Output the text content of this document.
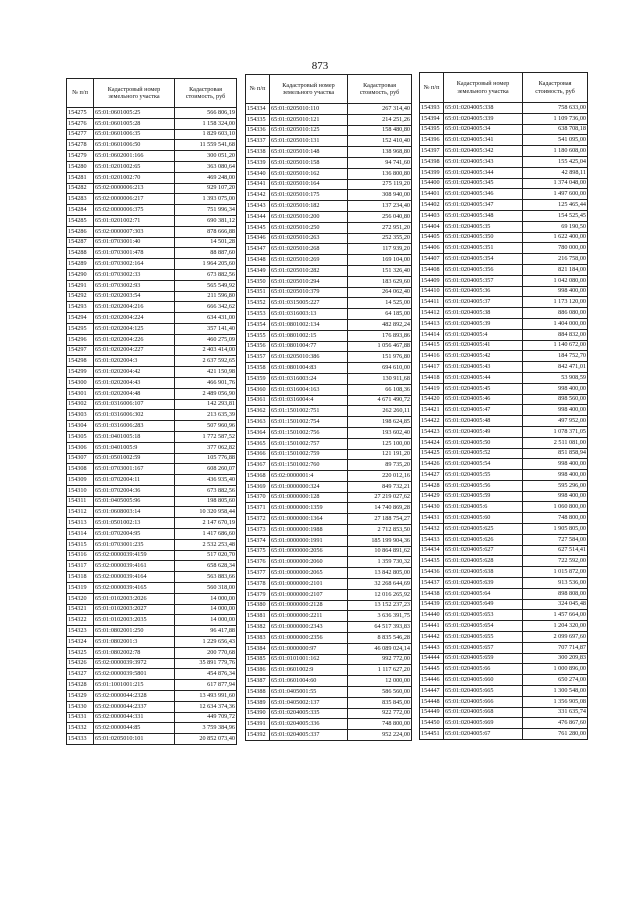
873
№ п/п	Кадастровый номер земельного участка	Кадастровая стоимость, руб
154275	65:01:0601005:25	566 806,19
154276	65:01:0601005:28	1 158 324,00
154277	65:01:0601006:35	1 829 603,10
154278	65:01:0601006:50	11 559 541,68
154279	65:01:0602001:166	300 051,20
154280	65:01:0201002:65	363 080,64
154281	65:01:0201002:70	469 248,00
154282	65:02:0000006:213	929 107,20
154283	65:02:0000006:217	1 393 075,00
154284	65:02:0000006:375	751 996,34
154285	65:01:0201002:71	690 381,12
154286	65:02:0000007:303	878 666,88
154287	65:01:0703001:40	14 501,28
154288	65:01:0703001:478	88 887,60
154289	65:01:0703002:164	1 964 205,60
154290	65:01:0703002:33	673 882,56
154291	65:01:0703002:93	565 549,92
154292	65:01:0202003:54	211 596,80
154293	65:01:0202004:216	666 342,62
154294	65:01:0202004:224	634 431,00
154295	65:01:0202004:125	357 141,40
154296	65:01:0202004:226	460 275,09
154297	65:01:0202004:227	2 403 414,00
154298	65:01:0202004:3	2 637 592,65
154299	65:01:0202004:42	421 150,98
154300	65:01:0202004:43	466 901,76
154301	65:01:0202004:48	2 489 056,90
154302	65:01:0316006:107	142 293,81
154303	65:01:0316006:302	213 635,39
154304	65:01:0316006:283	507 960,96
154305	65:01:0401005:18	1 772 587,52
154306	65:01:0401005:9	377 062,82
154307	65:01:0501002:59	105 776,88
154308	65:01:0703001:167	608 260,07
154309	65:01:0702004:11	436 935,40
154310	65:01:0702004:36	673 882,56
154311	65:01:0405005:96	198 805,60
154312	65:01:0608003:14	10 320 958,44
154313	65:01:0501002:13	2 147 670,19
154314	65:01:0702004:95	1 417 686,60
154315	65:01:0703001:235	2 532 253,48
154316	65:02:0000039:4159	517 020,70
154317	65:02:0000039:4161	658 628,34
154318	65:02:0000039:4164	563 883,66
154319	65:02:0000039:4165	560 318,00
154320	65:01:0102003:2026	14 000,00
154321	65:01:0102003:2027	14 000,00
154322	65:01:0102003:2035	14 000,00
154323	65:01:0802001:250	96 417,88
154324	65:01:0802001:3	1 229 656,43
154325	65:01:0802002:78	200 770,68
154326	65:02:0000039:3972	35 891 779,76
154327	65:02:0000039:5801	454 876,34
154328	65:01:1001001:215	617 877,94
154329	65:02:0000044:2328	13 493 991,60
154330	65:02:0000044:2337	12 634 374,36
154331	65:02:0000044:331	449 709,72
154332	65:02:0000044:85	3 759 384,96
154333	65:01:0205010:101	20 852 073,40
№ п/п	Кадастровый номер земельного участка	Кадастровая стоимость, руб
154334	65:01:0205010:110	267 314,40
154335	65:01:0205010:121	214 251,26
154336	65:01:0205010:125	158 480,80
154337	65:01:0205010:131	152 410,40
154338	65:01:0205010:148	138 968,80
154339	65:01:0205010:158	94 741,60
154340	65:01:0205010:162	136 800,80
154341	65:01:0205010:164	275 119,20
154342	65:01:0205010:175	308 940,00
154343	65:01:0205010:182	137 234,40
154344	65:01:0205010:200	256 040,80
154345	65:01:0205010:250	272 951,20
154346	65:01:0205010:263	252 355,20
154347	65:01:0205010:268	117 939,20
154348	65:01:0205010:269	169 104,00
154349	65:01:0205010:282	151 326,40
154350	65:01:0205010:294	183 629,60
154351	65:01:0205010:379	264 062,40
154352	65:01:0315005:227	14 525,00
154353	65:01:0316003:13	64 185,00
154354	65:01:0801002:134	482 892,24
154355	65:01:0801002:15	176 893,86
154356	65:01:0801004:77	1 056 467,88
154357	65:01:0205010:386	151 976,80
154358	65:01:0801004:83	694 610,00
154359	65:01:0316003:24	130 911,68
154360	65:01:0316004:163	66 108,36
154361	65:01:0316004:4	4 671 490,72
154362	65:01:1501002:751	262 260,11
154363	65:01:1501002:754	198 624,85
154364	65:01:1501002:756	193 602,40
154365	65:01:1501002:757	125 100,00
154366	65:01:1501002:759	121 191,20
154367	65:01:1501002:760	89 735,20
154368	65:02:0000001:4	220 012,16
154369	65:01:0000000:324	849 732,21
154370	65:01:0000000:128	27 219 027,62
154371	65:01:0000000:1359	14 740 869,28
154372	65:01:0000000:1364	27 188 754,27
154373	65:01:0000000:1988	2 712 853,50
154374	65:01:0000000:1991	185 199 904,36
154375	65:01:0000000:2056	10 864 891,62
154376	65:01:0000000:2060	1 359 730,32
154377	65:01:0000000:2065	13 842 805,00
154378	65:01:0000000:2101	32 268 644,69
154379	65:01:0000000:2107	12 016 265,92
154380	65:01:0000000:2128	13 152 237,23
154381	65:01:0000000:2211	3 636 391,75
154382	65:01:0000000:2343	64 517 393,83
154383	65:01:0000000:2356	8 835 546,28
154384	65:01:0000000:97	46 089 024,14
154385	65:01:0101001:162	992 772,00
154386	65:01:0601002:9	1 117 627,20
154387	65:01:0601004:60	12 000,00
154388	65:01:0405001:55	586 560,00
154389	65:01:0405002:137	835 845,00
154390	65:01:0204005:335	922 772,00
154391	65:01:0204005:336	748 800,00
154392	65:01:0204005:337	952 224,00
№ п/п	Кадастровый номер земельного участка	Кадастровая стоимость, руб
154393	65:01:0204005:338	758 633,00
154394	65:01:0204005:339	1 109 736,00
154395	65:01:0204005:34	638 708,18
154396	65:01:0204005:341	541 095,00
154397	65:01:0204005:342	1 180 608,00
154398	65:01:0204005:343	155 425,04
154399	65:01:0204005:344	42 898,11
154400	65:01:0204005:345	1 374 048,00
154401	65:01:0204005:346	1 497 600,00
154402	65:01:0204005:347	125 465,44
154403	65:01:0204005:348	154 525,45
154404	65:01:0204005:35	69 190,50
154405	65:01:0204005:350	1 622 400,00
154406	65:01:0204005:351	780 000,00
154407	65:01:0204005:354	216 758,00
154408	65:01:0204005:356	821 184,00
154409	65:01:0204005:357	1 042 080,00
154410	65:01:0204005:36	998 400,00
154411	65:01:0204005:37	1 173 120,00
154412	65:01:0204005:38	886 080,00
154413	65:01:0204005:39	1 404 000,00
154414	65:01:0204005:4	884 832,00
154415	65:01:0204005:41	1 140 672,00
154416	65:01:0204005:42	184 752,70
154417	65:01:0204005:43	842 471,01
154418	65:01:0204005:44	53 908,59
154419	65:01:0204005:45	998 400,00
154420	65:01:0204005:46	898 560,00
154421	65:01:0204005:47	998 400,00
154422	65:01:0204005:48	497 952,00
154423	65:01:0204005:49	1 078 371,05
154424	65:01:0204005:50	2 511 081,00
154425	65:01:0204005:52	851 858,94
154426	65:01:0204005:54	998 400,00
154427	65:01:0204005:55	998 400,00
154428	65:01:0204005:56	595 296,00
154429	65:01:0204005:59	998 400,00
154430	65:01:0204005:6	1 060 800,00
154431	65:01:0204005:60	748 800,00
154432	65:01:0204005:625	1 905 805,00
154433	65:01:0204005:626	727 584,00
154434	65:01:0204005:627	627 514,41
154435	65:01:0204005:628	722 592,00
154436	65:01:0204005:638	1 015 872,00
154437	65:01:0204005:639	913 536,00
154438	65:01:0204005:64	898 808,00
154439	65:01:0204005:649	324 045,48
154440	65:01:0204005:653	1 457 664,00
154441	65:01:0204005:654	1 204 320,00
154442	65:01:0204005:655	2 099 697,60
154443	65:01:0204005:657	707 714,87
154444	65:01:0204005:659	300 209,83
154445	65:01:0204005:66	1 000 896,00
154446	65:01:0204005:660	650 274,00
154447	65:01:0204005:665	1 300 548,00
154448	65:01:0204005:666	1 356 905,08
154449	65:01:0204005:668	331 635,74
154450	65:01:0204005:669	476 867,60
154451	65:01:0204005:67	761 280,00
